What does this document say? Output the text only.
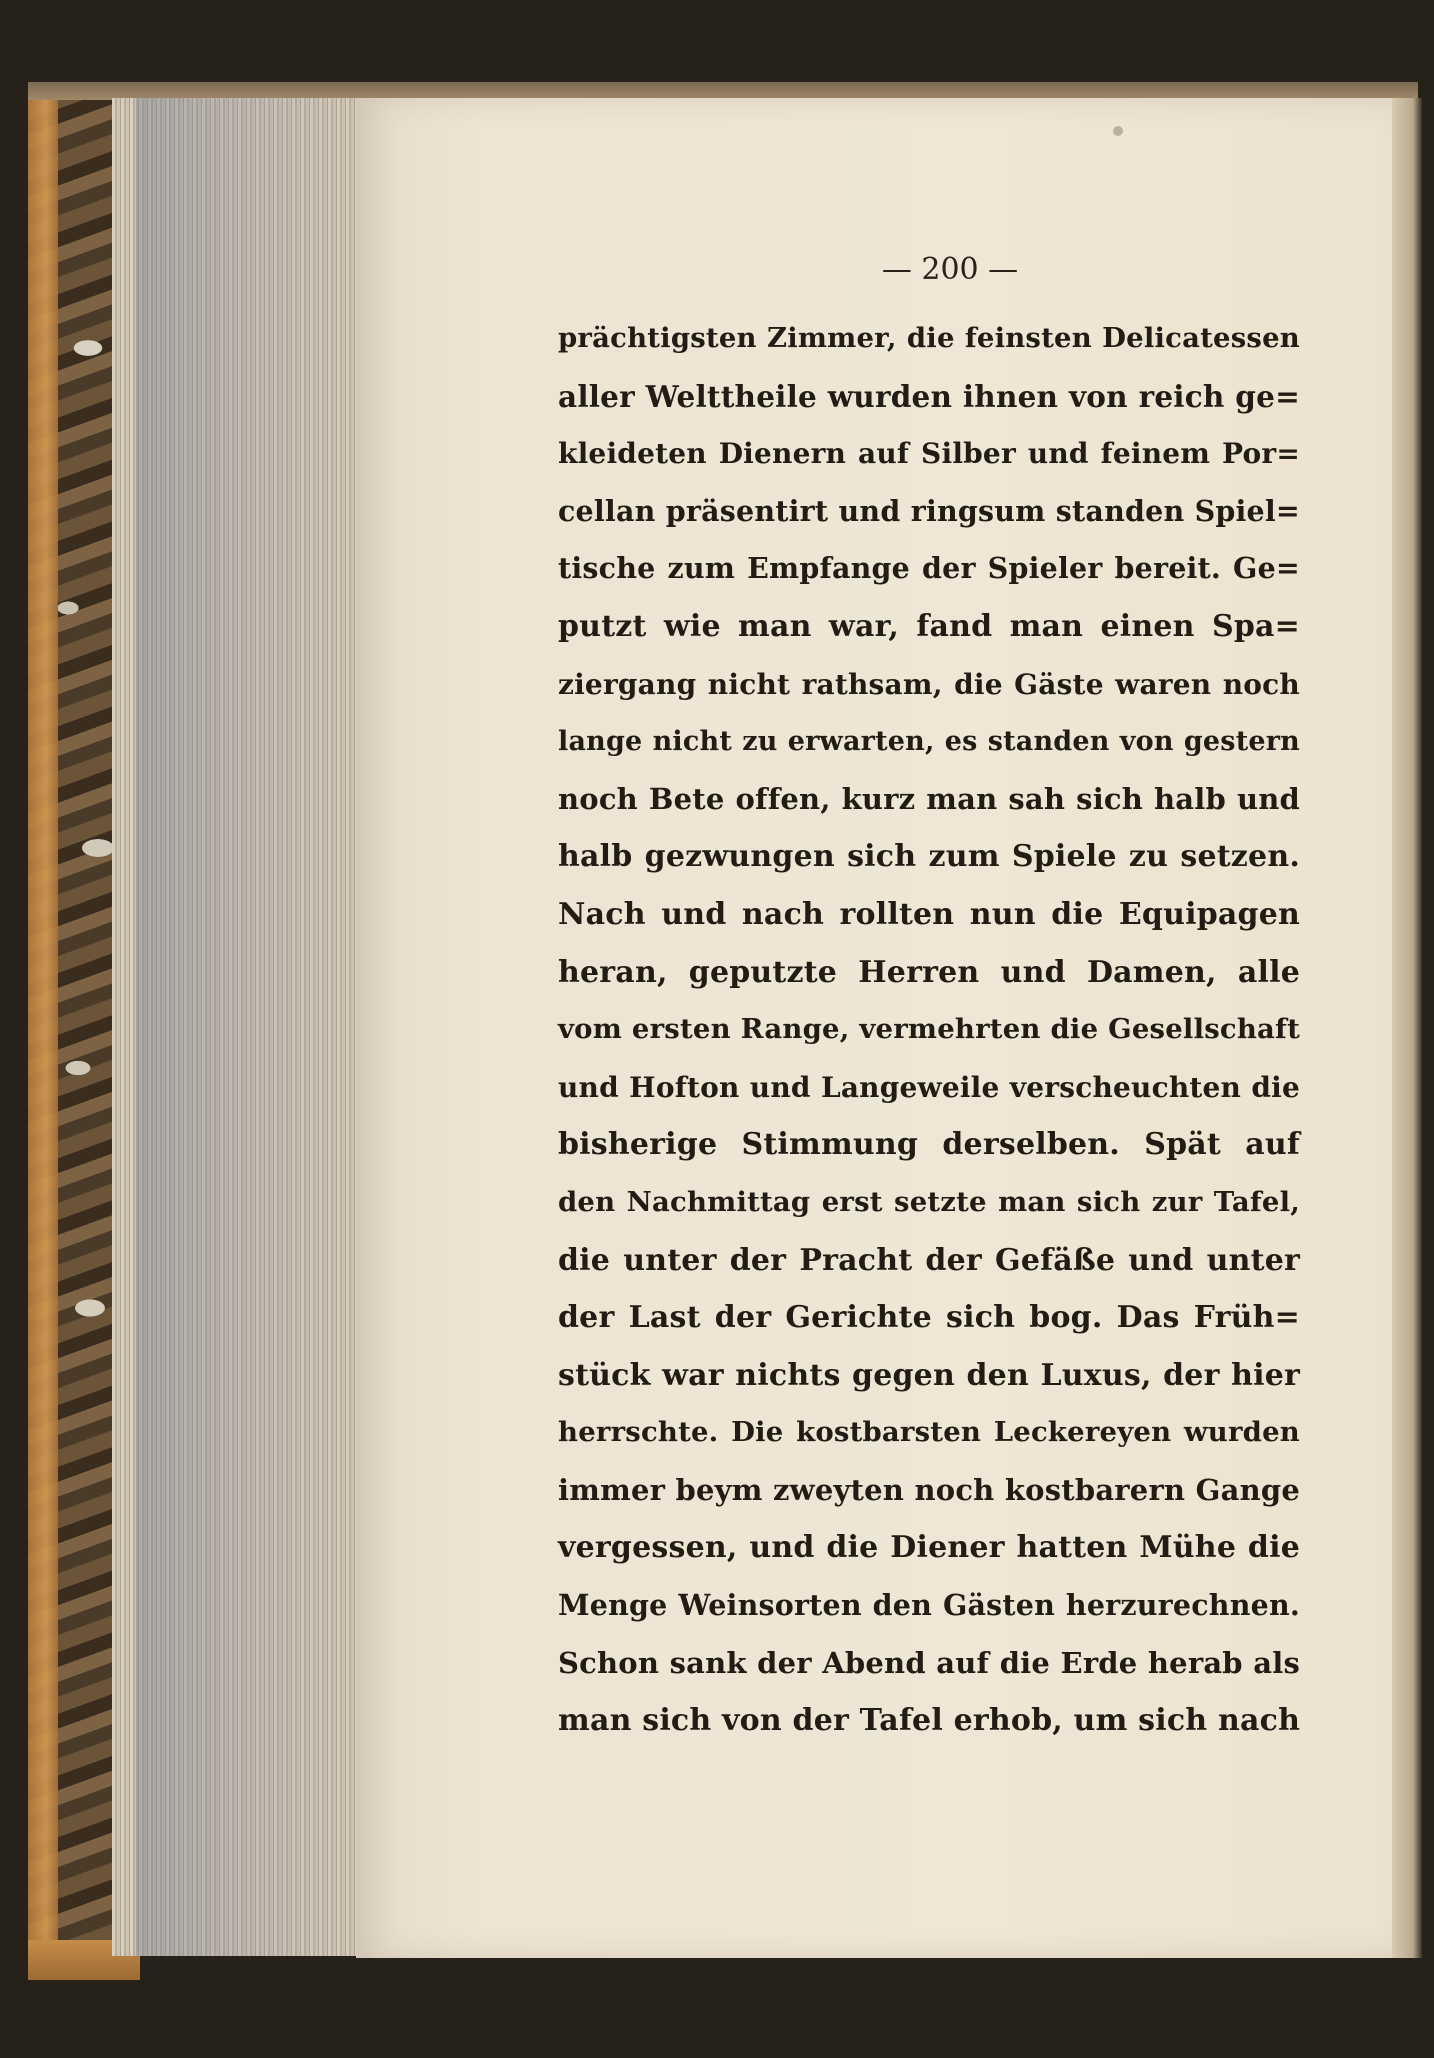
— 200 —
prächtigsten Zimmer, die feinsten Delicatessen
aller Welttheile wurden ihnen von reich ge=
kleideten Dienern auf Silber und feinem Por=
cellan präsentirt und ringsum standen Spiel=
tische zum Empfange der Spieler bereit. Ge=
putzt wie man war, fand man einen Spa=
ziergang nicht rathsam, die Gäste waren noch
lange nicht zu erwarten, es standen von gestern
noch Bete offen, kurz man sah sich halb und
halb gezwungen sich zum Spiele zu setzen.
Nach und nach rollten nun die Equipagen
heran, geputzte Herren und Damen, alle
vom ersten Range, vermehrten die Gesellschaft
und Hofton und Langeweile verscheuchten die
bisherige Stimmung derselben. Spät auf
den Nachmittag erst setzte man sich zur Tafel,
die unter der Pracht der Gefäße und unter
der Last der Gerichte sich bog. Das Früh=
stück war nichts gegen den Luxus, der hier
herrschte. Die kostbarsten Leckereyen wurden
immer beym zweyten noch kostbarern Gange
vergessen, und die Diener hatten Mühe die
Menge Weinsorten den Gästen herzurechnen.
Schon sank der Abend auf die Erde herab als
man sich von der Tafel erhob, um sich nach
